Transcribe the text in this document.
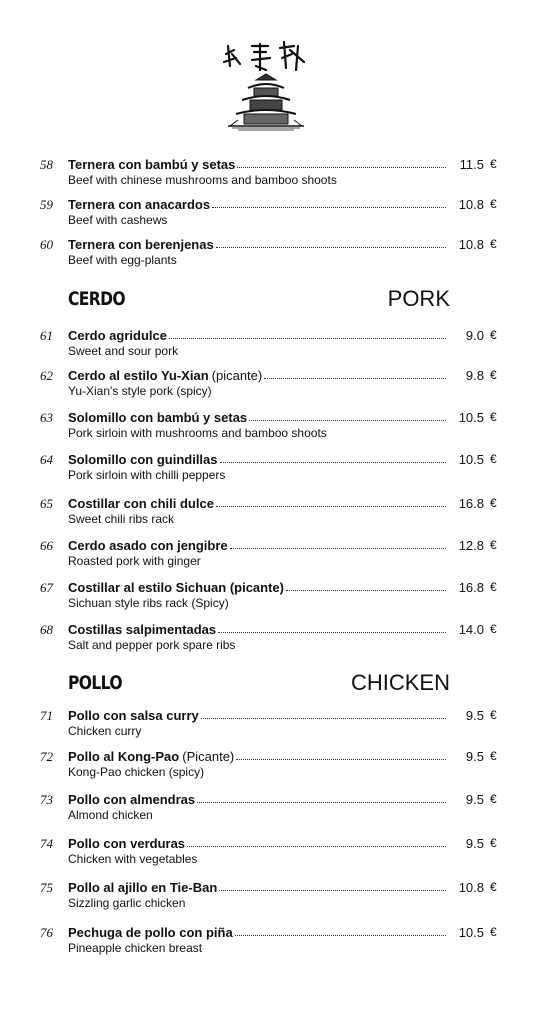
58	Ternera con bambú y setas	11.5 €
Beef with chinese mushrooms and bamboo shoots
59	Ternera con anacardos	10.8 €
Beef with cashews
60	Ternera con berenjenas	10.8 €
Beef with egg-plants
CERDO	PORK
61	Cerdo agridulce	9.0 €
Sweet and sour pork
62	Cerdo al estilo Yu-Xian (picante)	9.8 €
Yu-Xian's style pork (spicy)
63	Solomillo con bambú y setas	10.5 €
Pork sirloin with mushrooms and bamboo shoots
64	Solomillo con guindillas	10.5 €
Pork sirloin with chilli peppers
65	Costillar con chili dulce	16.8 €
Sweet chili ribs rack
66	Cerdo asado con jengibre	12.8 €
Roasted pork with ginger
67	Costillar al estilo Sichuan (picante)	16.8 €
Sichuan style ribs rack (Spicy)
68	Costillas salpimentadas	14.0 €
Salt and pepper pork spare ribs
POLLO	CHICKEN
71	Pollo con salsa curry	9.5 €
Chicken curry
72	Pollo al Kong-Pao (Picante)	9.5 €
Kong-Pao chicken (spicy)
73	Pollo con almendras	9.5 €
Almond chicken
74	Pollo con verduras	9.5 €
Chicken with vegetables
75	Pollo al ajillo en Tie-Ban	10.8 €
Sizzling garlic chicken
76	Pechuga de pollo con piña	10.5 €
Pineapple chicken breast
